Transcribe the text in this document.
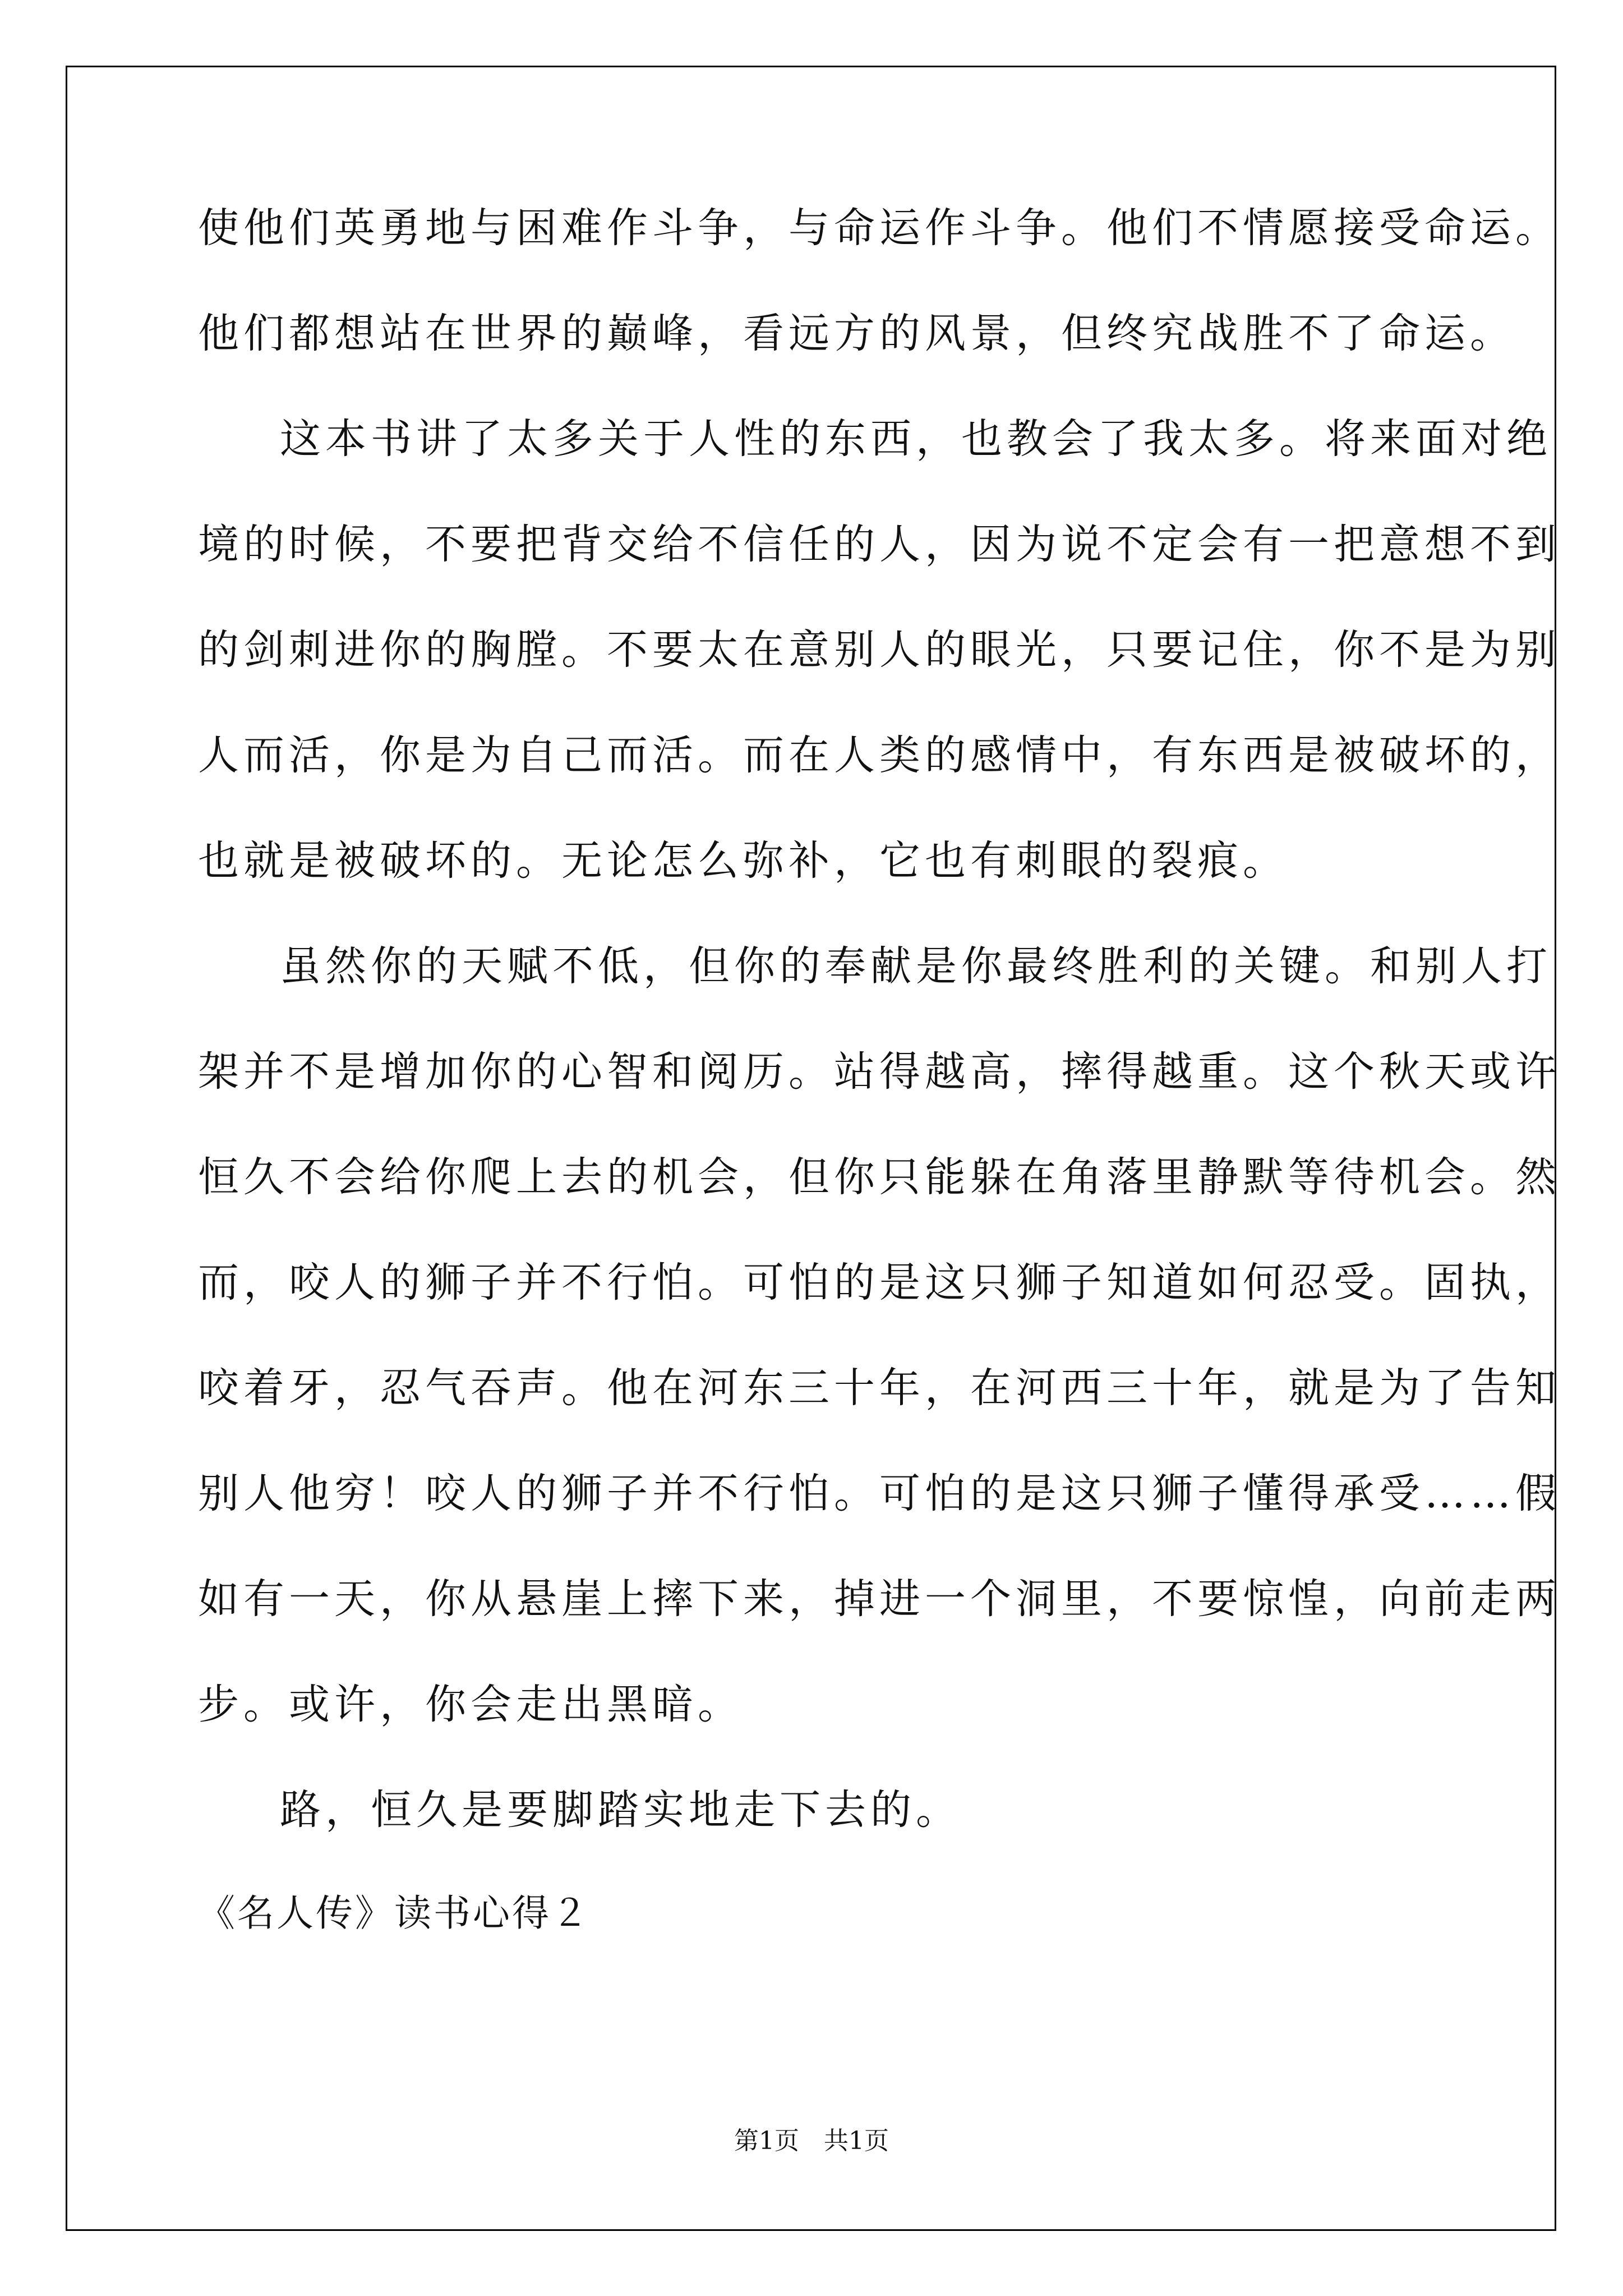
使他们英勇地与困难作斗争，与命运作斗争。他们不情愿接受命运。
他们都想站在世界的巅峰，看远方的风景，但终究战胜不了命运。
这本书讲了太多关于人性的东西，也教会了我太多。将来面对绝
境的时候，不要把背交给不信任的人，因为说不定会有一把意想不到
的剑刺进你的胸膛。不要太在意别人的眼光，只要记住，你不是为别
人而活，你是为自己而活。而在人类的感情中，有东西是被破坏的，
也就是被破坏的。无论怎么弥补，它也有刺眼的裂痕。
虽然你的天赋不低，但你的奉献是你最终胜利的关键。和别人打
架并不是增加你的心智和阅历。站得越高，摔得越重。这个秋天或许
恒久不会给你爬上去的机会，但你只能躲在角落里静默等待机会。然
而，咬人的狮子并不行怕。可怕的是这只狮子知道如何忍受。固执，
咬着牙，忍气吞声。他在河东三十年，在河西三十年，就是为了告知
别人他穷！咬人的狮子并不行怕。可怕的是这只狮子懂得承受……假
如有一天，你从悬崖上摔下来，掉进一个洞里，不要惊惶，向前走两
步。或许，你会走出黑暗。
路，恒久是要脚踏实地走下去的。
《名人传》读书心得２
第1页　共1页
